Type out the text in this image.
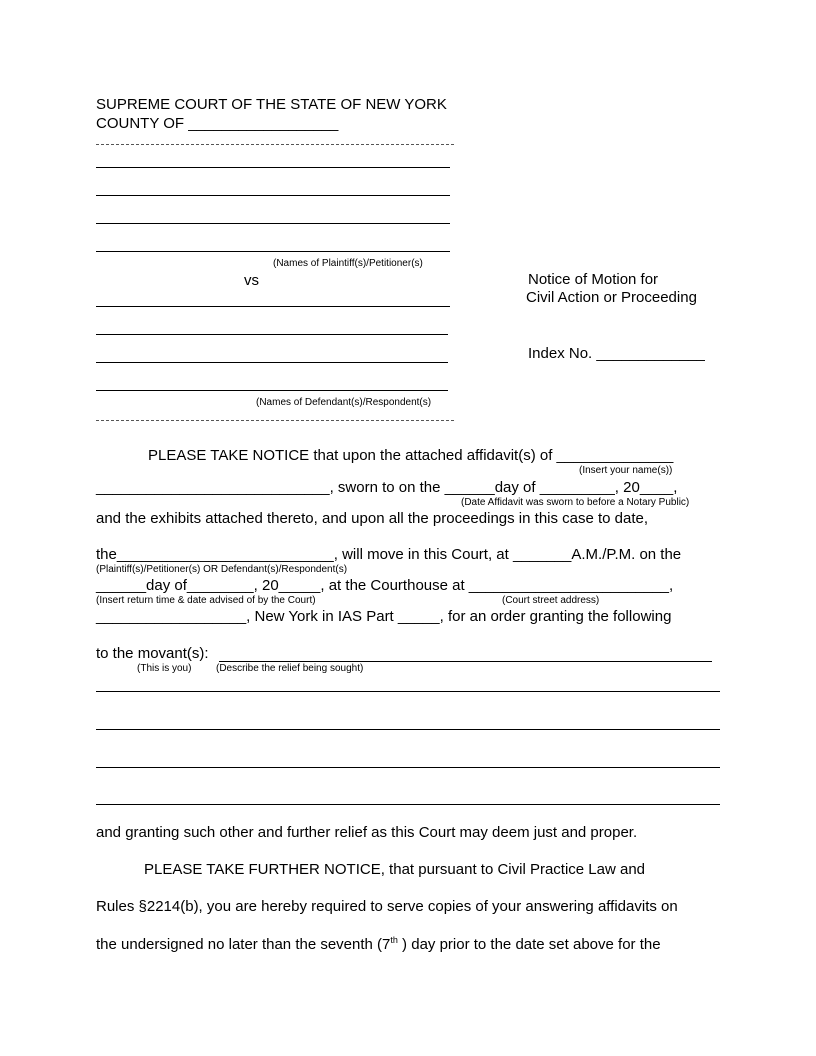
SUPREME COURT OF THE STATE OF NEW YORK
COUNTY OF __________________
(Names of Plaintiff(s)/Petitioner(s)
vs	Notice of Motion for
Civil Action or Proceeding
Index No. _____________
(Names of Defendant(s)/Respondent(s)
PLEASE TAKE NOTICE that upon the attached affidavit(s) of ______________
(Insert your name(s))
____________________________, sworn to on the ______day of _________, 20____,
(Date Affidavit was sworn to before a Notary Public)
and the exhibits attached thereto, and upon all the proceedings in this case to date,
the__________________________, will move in this Court, at _______A.M./P.M. on the
(Plaintiff(s)/Petitioner(s) OR Defendant(s)/Respondent(s)
______day of________, 20_____, at the Courthouse at ________________________,
(Insert return time & date advised of by the Court)	(Court street address)
__________________, New York in IAS Part _____, for an order granting the following
to the movant(s):
(This is you) (Describe the relief being sought)
and granting such other and further relief as this Court may deem just and proper.
PLEASE TAKE FURTHER NOTICE, that pursuant to Civil Practice Law and
Rules §2214(b), you are hereby required to serve copies of your answering affidavits on
the undersigned no later than the seventh (7th ) day prior to the date set above for the
